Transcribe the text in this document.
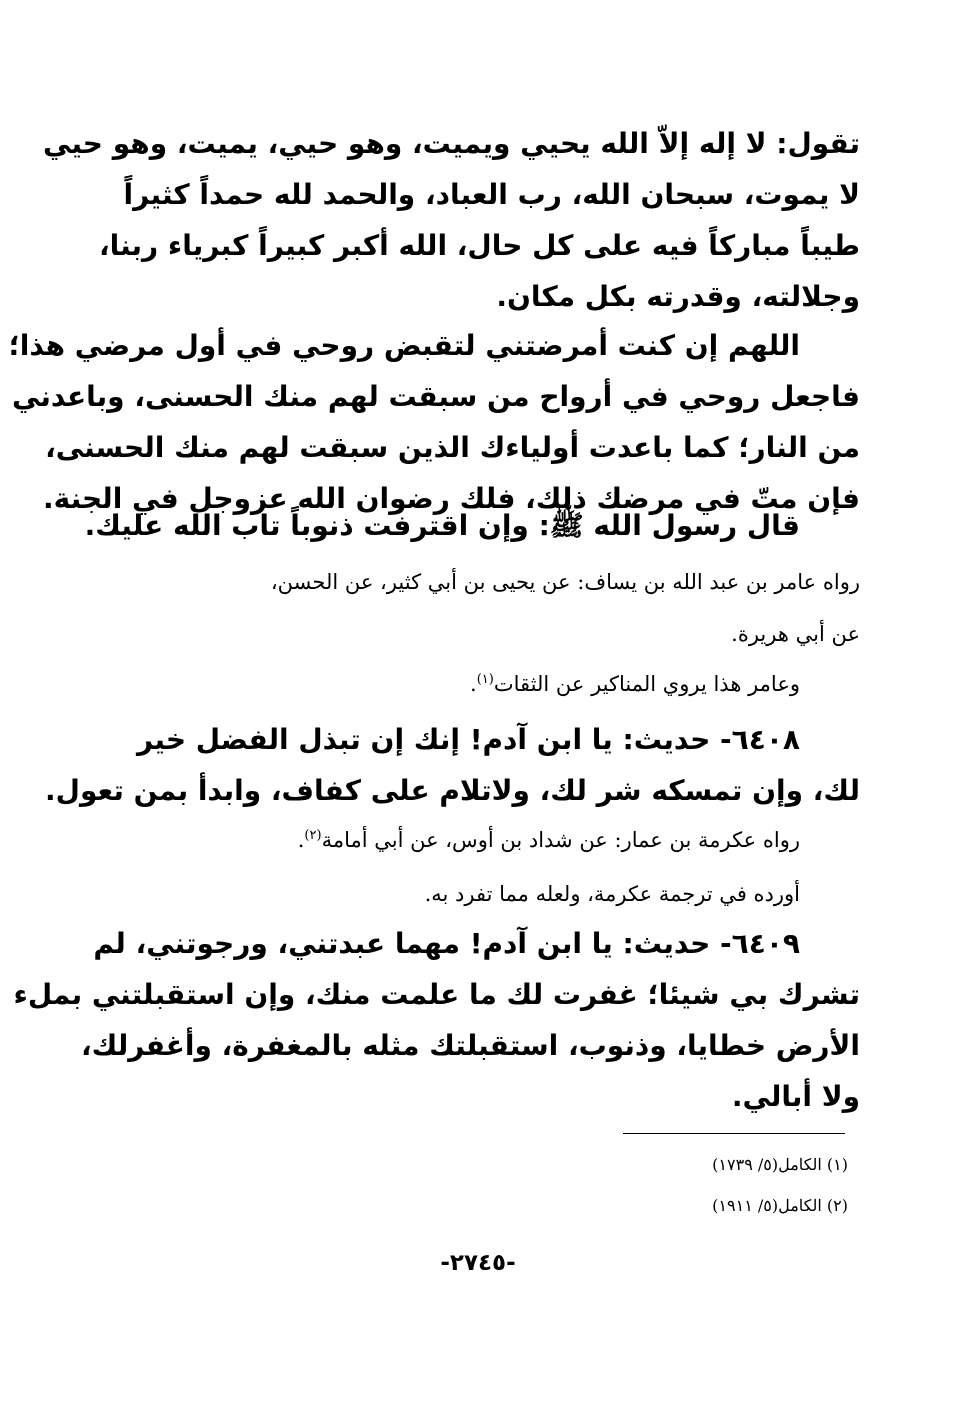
تقول: لا إله إلاّ الله يحيي ويميت، وهو حيي، يميت، وهو حيي
لا يموت، سبحان الله، رب العباد، والحمد لله حمداً كثيراً
طيباً مباركاً فيه على كل حال، الله أكبر كبيراً كبرياء ربنا،
وجلالته، وقدرته بكل مكان.
اللهم إن كنت أمرضتني لتقبض روحي في أول مرضي هذا؛
فاجعل روحي في أرواح من سبقت لهم منك الحسنى، وباعدني
من النار؛ كما باعدت أولياءك الذين سبقت لهم منك الحسنى،
فإن متّ في مرضك ذلك، فلك رضوان الله عزوجل في الجنة.
قال رسول الله ﷺ: وإن اقترفت ذنوباً تاب الله عليك.
رواه عامر بن عبد الله بن يساف: عن يحيى بن أبي كثير، عن الحسن،
عن أبي هريرة.
وعامر هذا يروي المناكير عن الثقات$^{(١)}$.
٦٤٠٨- حديث: يا ابن آدم! إنك إن تبذل الفضل خير
لك، وإن تمسكه شر لك، ولاتلام على كفاف، وابدأ بمن تعول.
رواه عكرمة بن عمار: عن شداد بن أوس، عن أبي أمامة$^{(٢)}$.
أورده في ترجمة عكرمة، ولعله مما تفرد به.
٦٤٠٩- حديث: يا ابن آدم! مهما عبدتني، ورجوتني، لم
تشرك بي شيئا؛ غفرت لك ما علمت منك، وإن استقبلتني بملء
الأرض خطايا، وذنوب، استقبلتك مثله بالمغفرة، وأغفرلك،
ولا أبالي.
(١) الكامل(٥/ ١٧٣٩)
(٢) الكامل(٥/ ١٩١١)
-٢٧٤٥-
